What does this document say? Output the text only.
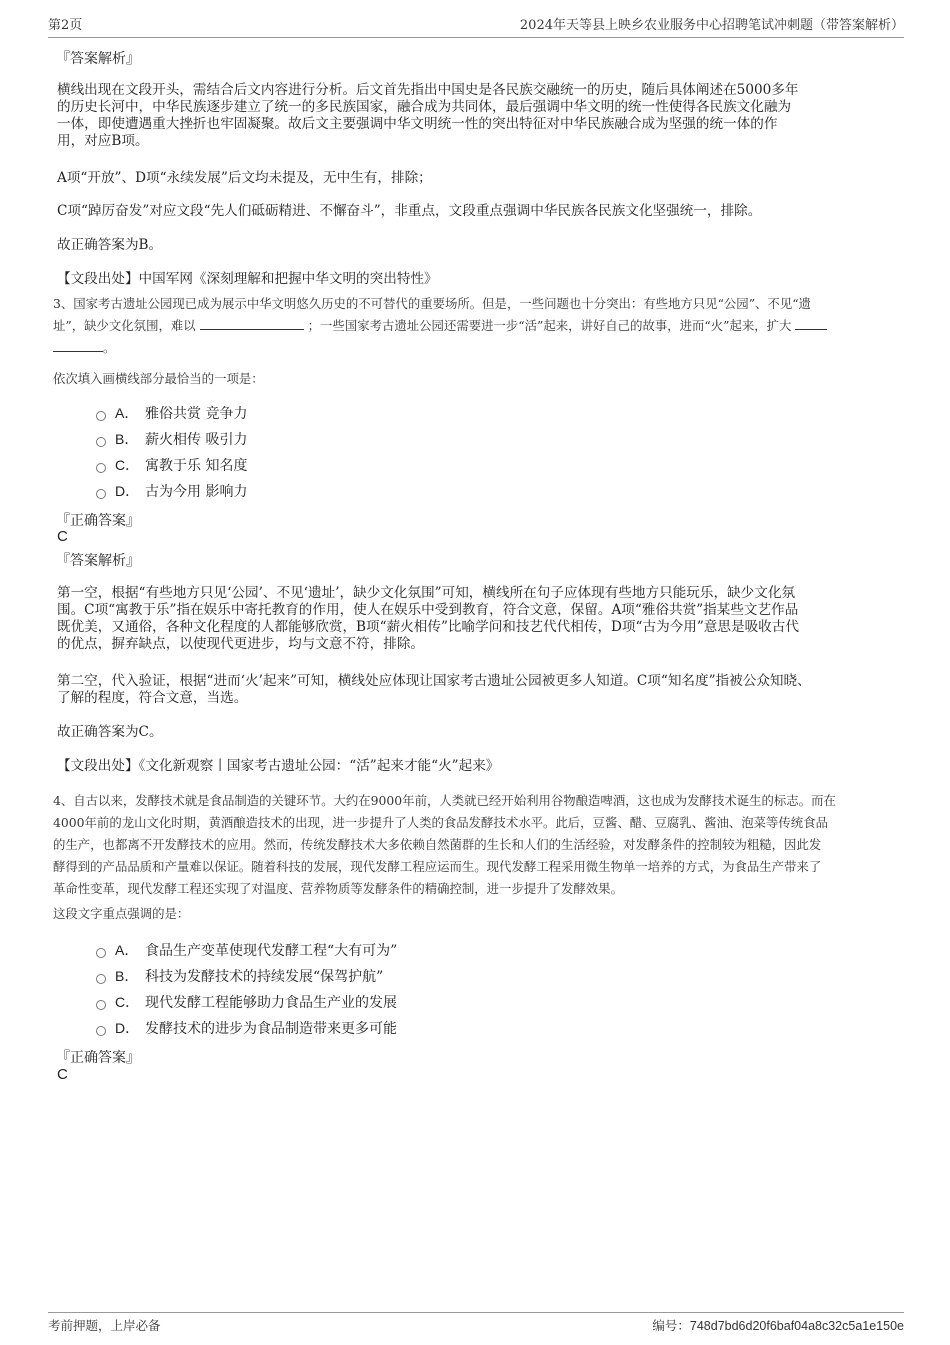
第2页	2024年天等县上映乡农业服务中心招聘笔试冲刺题（带答案解析）
『答案解析』
横线出现在文段开头，需结合后文内容进行分析。后文首先指出中国史是各民族交融统一的历史，随后具体阐述在5000多年
的历史长河中，中华民族逐步建立了统一的多民族国家，融合成为共同体，最后强调中华文明的统一性使得各民族文化融为
一体，即使遭遇重大挫折也牢固凝聚。故后文主要强调中华文明统一性的突出特征对中华民族融合成为坚强的统一体的作
用，对应B项。
A项“开放”、D项“永续发展”后文均未提及，无中生有，排除；
C项“踔厉奋发”对应文段“先人们砥砺精进、不懈奋斗”，非重点，文段重点强调中华民族各民族文化坚强统一，排除。
故正确答案为B。
【文段出处】中国军网《深刻理解和把握中华文明的突出特性》
3、国家考古遗址公园现已成为展示中华文明悠久历史的不可替代的重要场所。但是，一些问题也十分突出：有些地方只见“公园”、不见“遗
址”，缺少文化氛围，难以	；一些国家考古遗址公园还需要进一步“活”起来，讲好自己的故事，进而“火”起来，扩大
。
依次填入画横线部分最恰当的一项是：
A． 雅俗共赏 竞争力
B． 薪火相传 吸引力
C． 寓教于乐 知名度
D． 古为今用 影响力
『正确答案』
C
『答案解析』
第一空，根据“有些地方只见‘公园’、不见‘遗址’，缺少文化氛围”可知，横线所在句子应体现有些地方只能玩乐，缺少文化氛
围。C项“寓教于乐”指在娱乐中寄托教育的作用，使人在娱乐中受到教育，符合文意，保留。A项“雅俗共赏”指某些文艺作品
既优美，又通俗，各种文化程度的人都能够欣赏，B项“薪火相传”比喻学问和技艺代代相传，D项“古为今用”意思是吸收古代
的优点，摒弃缺点，以使现代更进步，均与文意不符，排除。
第二空，代入验证，根据“进而‘火’起来”可知，横线处应体现让国家考古遗址公园被更多人知道。C项“知名度”指被公众知晓、
了解的程度，符合文意，当选。
故正确答案为C。
【文段出处】《文化新观察丨国家考古遗址公园：“活”起来才能“火”起来》
4、自古以来，发酵技术就是食品制造的关键环节。大约在9000年前，人类就已经开始利用谷物酿造啤酒，这也成为发酵技术诞生的标志。而在
4000年前的龙山文化时期，黄酒酿造技术的出现，进一步提升了人类的食品发酵技术水平。此后，豆酱、醋、豆腐乳、酱油、泡菜等传统食品
的生产，也都离不开发酵技术的应用。然而，传统发酵技术大多依赖自然菌群的生长和人们的生活经验，对发酵条件的控制较为粗糙，因此发
酵得到的产品品质和产量难以保证。随着科技的发展，现代发酵工程应运而生。现代发酵工程采用微生物单一培养的方式，为食品生产带来了
革命性变革，现代发酵工程还实现了对温度、营养物质等发酵条件的精确控制，进一步提升了发酵效果。
这段文字重点强调的是：
A． 食品生产变革使现代发酵工程“大有可为”
B． 科技为发酵技术的持续发展“保驾护航”
C． 现代发酵工程能够助力食品生产业的发展
D． 发酵技术的进步为食品制造带来更多可能
『正确答案』
C
考前押题，上岸必备	编号：748d7bd6d20f6baf04a8c32c5a1e150e
